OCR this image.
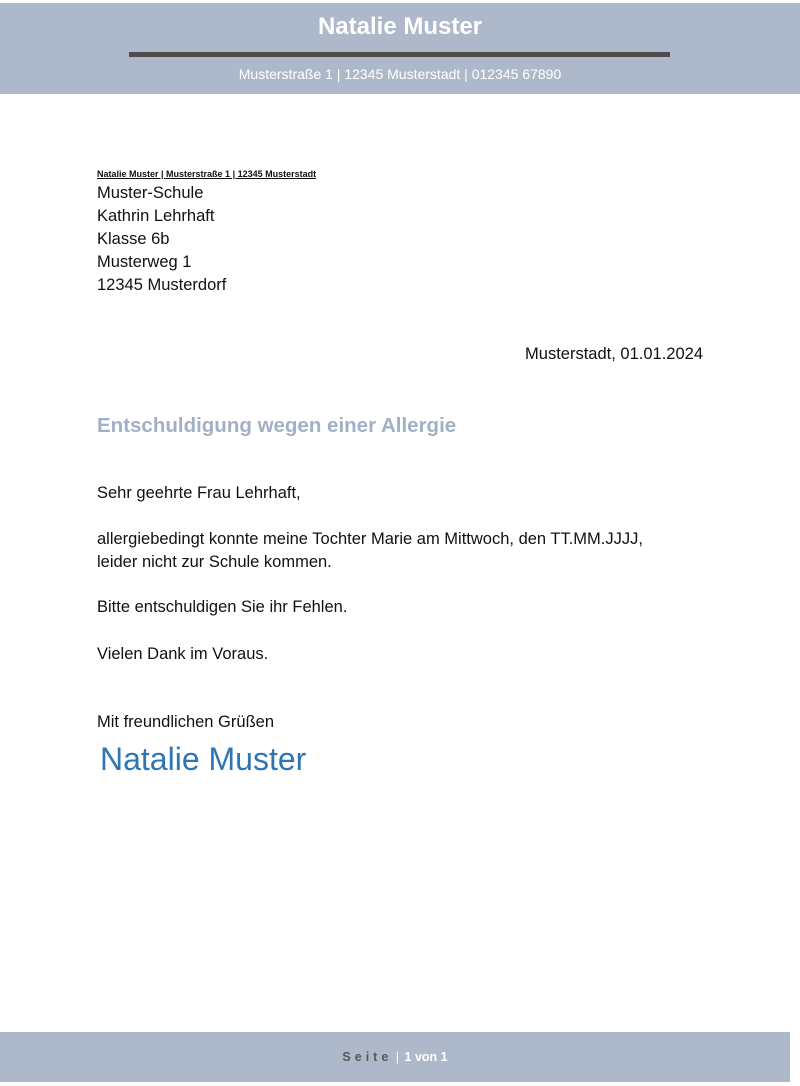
Natalie Muster
Musterstraße 1 | 12345 Musterstadt | 012345 67890
Natalie Muster | Musterstraße 1 | 12345 Musterstadt
Muster-Schule
Kathrin Lehrhaft
Klasse 6b
Musterweg 1
12345 Musterdorf
Musterstadt, 01.01.2024
Entschuldigung wegen einer Allergie
Sehr geehrte Frau Lehrhaft,
allergiebedingt konnte meine Tochter Marie am Mittwoch, den TT.MM.JJJJ,
leider nicht zur Schule kommen.
Bitte entschuldigen Sie ihr Fehlen.
Vielen Dank im Voraus.
Mit freundlichen Grüßen
Natalie Muster
Seite | 1 von 1
